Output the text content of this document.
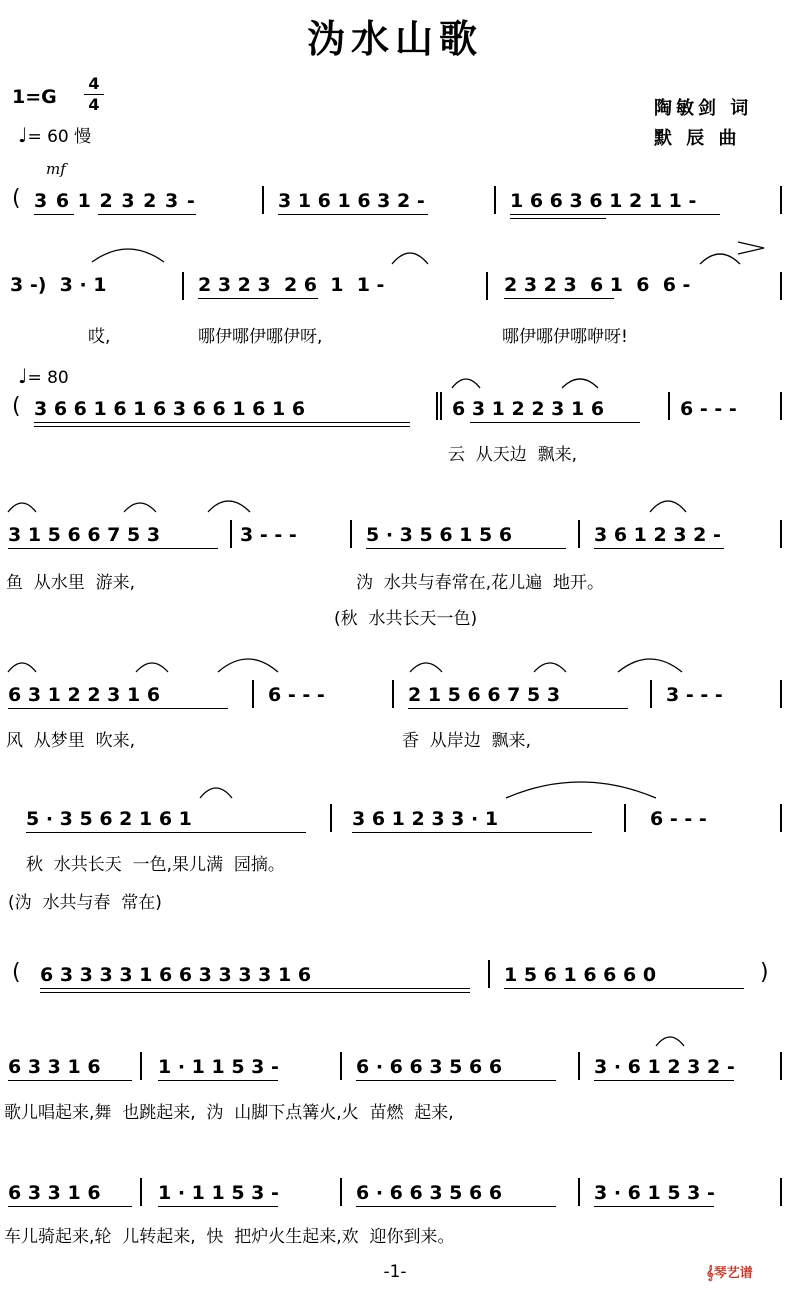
沩水山歌
1=G
4
4
♩= 60 慢
陶敏剑 词
默 辰 曲
mf
( 3 6 1 2 3 2 3 -	3 1 6 1 6 3 2 -	1 6 6 3 6 1 2 1 1 -
3 -)  3 · 1	2 3 2 3  2 6  1  1 -	2 3 2 3  6 1  6  6 -
哎,	哪伊哪伊哪伊呀,	哪伊哪伊哪咿呀!
♩= 80
( 3 6 6 1 6 1 6 3 6 6 1 6 1 6	6 3 1 2 2 3 1 6	6 - - -
云  从天边  飘来,
3 1 5 6 6 7 5 3	3 - - -	5 · 3 5 6 1 5 6	3 6 1 2 3 2 -
鱼  从水里  游来,	沩  水共与春常在,花儿遍  地开。
(秋  水共长天一色)
6 3 1 2 2 3 1 6	6 - - -	2 1 5 6 6 7 5 3	3 - - -
风  从梦里  吹来,	香  从岸边  飘来,
5 · 3 5 6 2 1 6 1	3 6 1 2 3 3 · 1	6 - - -
秋  水共长天  一色,果儿满  园摘。
(沩  水共与春  常在)
( 6 3 3 3 3 1 6 6 3 3 3 3 1 6	1 5 6 1 6 6 6 0	)
6 3 3 1 6	1 · 1 1 5 3 -	6 · 6 6 3 5 6 6	3 · 6 1 2 3 2 -
歌儿唱起来,舞  也跳起来,  沩  山脚下点篝火,火  苗燃  起来,
6 3 3 1 6	1 · 1 1 5 3 -	6 · 6 6 3 5 6 6	3 · 6 1 5 3 -
车儿骑起来,轮  儿转起来,  快  把炉火生起来,欢  迎你到来。
-1-	𝄞琴艺谱
